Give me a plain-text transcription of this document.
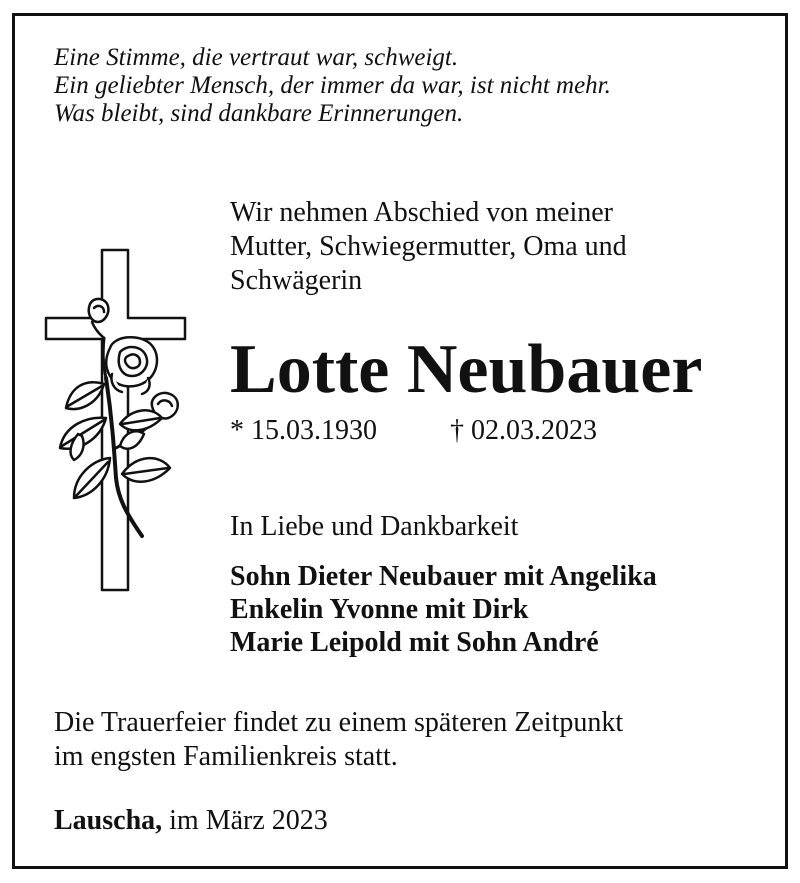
Eine Stimme, die vertraut war, schweigt.
Ein geliebter Mensch, der immer da war, ist nicht mehr.
Was bleibt, sind dankbare Erinnerungen.
Wir nehmen Abschied von meiner
Mutter, Schwiegermutter, Oma und
Schwägerin
Lotte Neubauer
* 15.03.1930	† 02.03.2023
In Liebe und Dankbarkeit
Sohn Dieter Neubauer mit Angelika
Enkelin Yvonne mit Dirk
Marie Leipold mit Sohn André
Die Trauerfeier findet zu einem späteren Zeitpunkt
im engsten Familienkreis statt.
Lauscha, im März 2023
